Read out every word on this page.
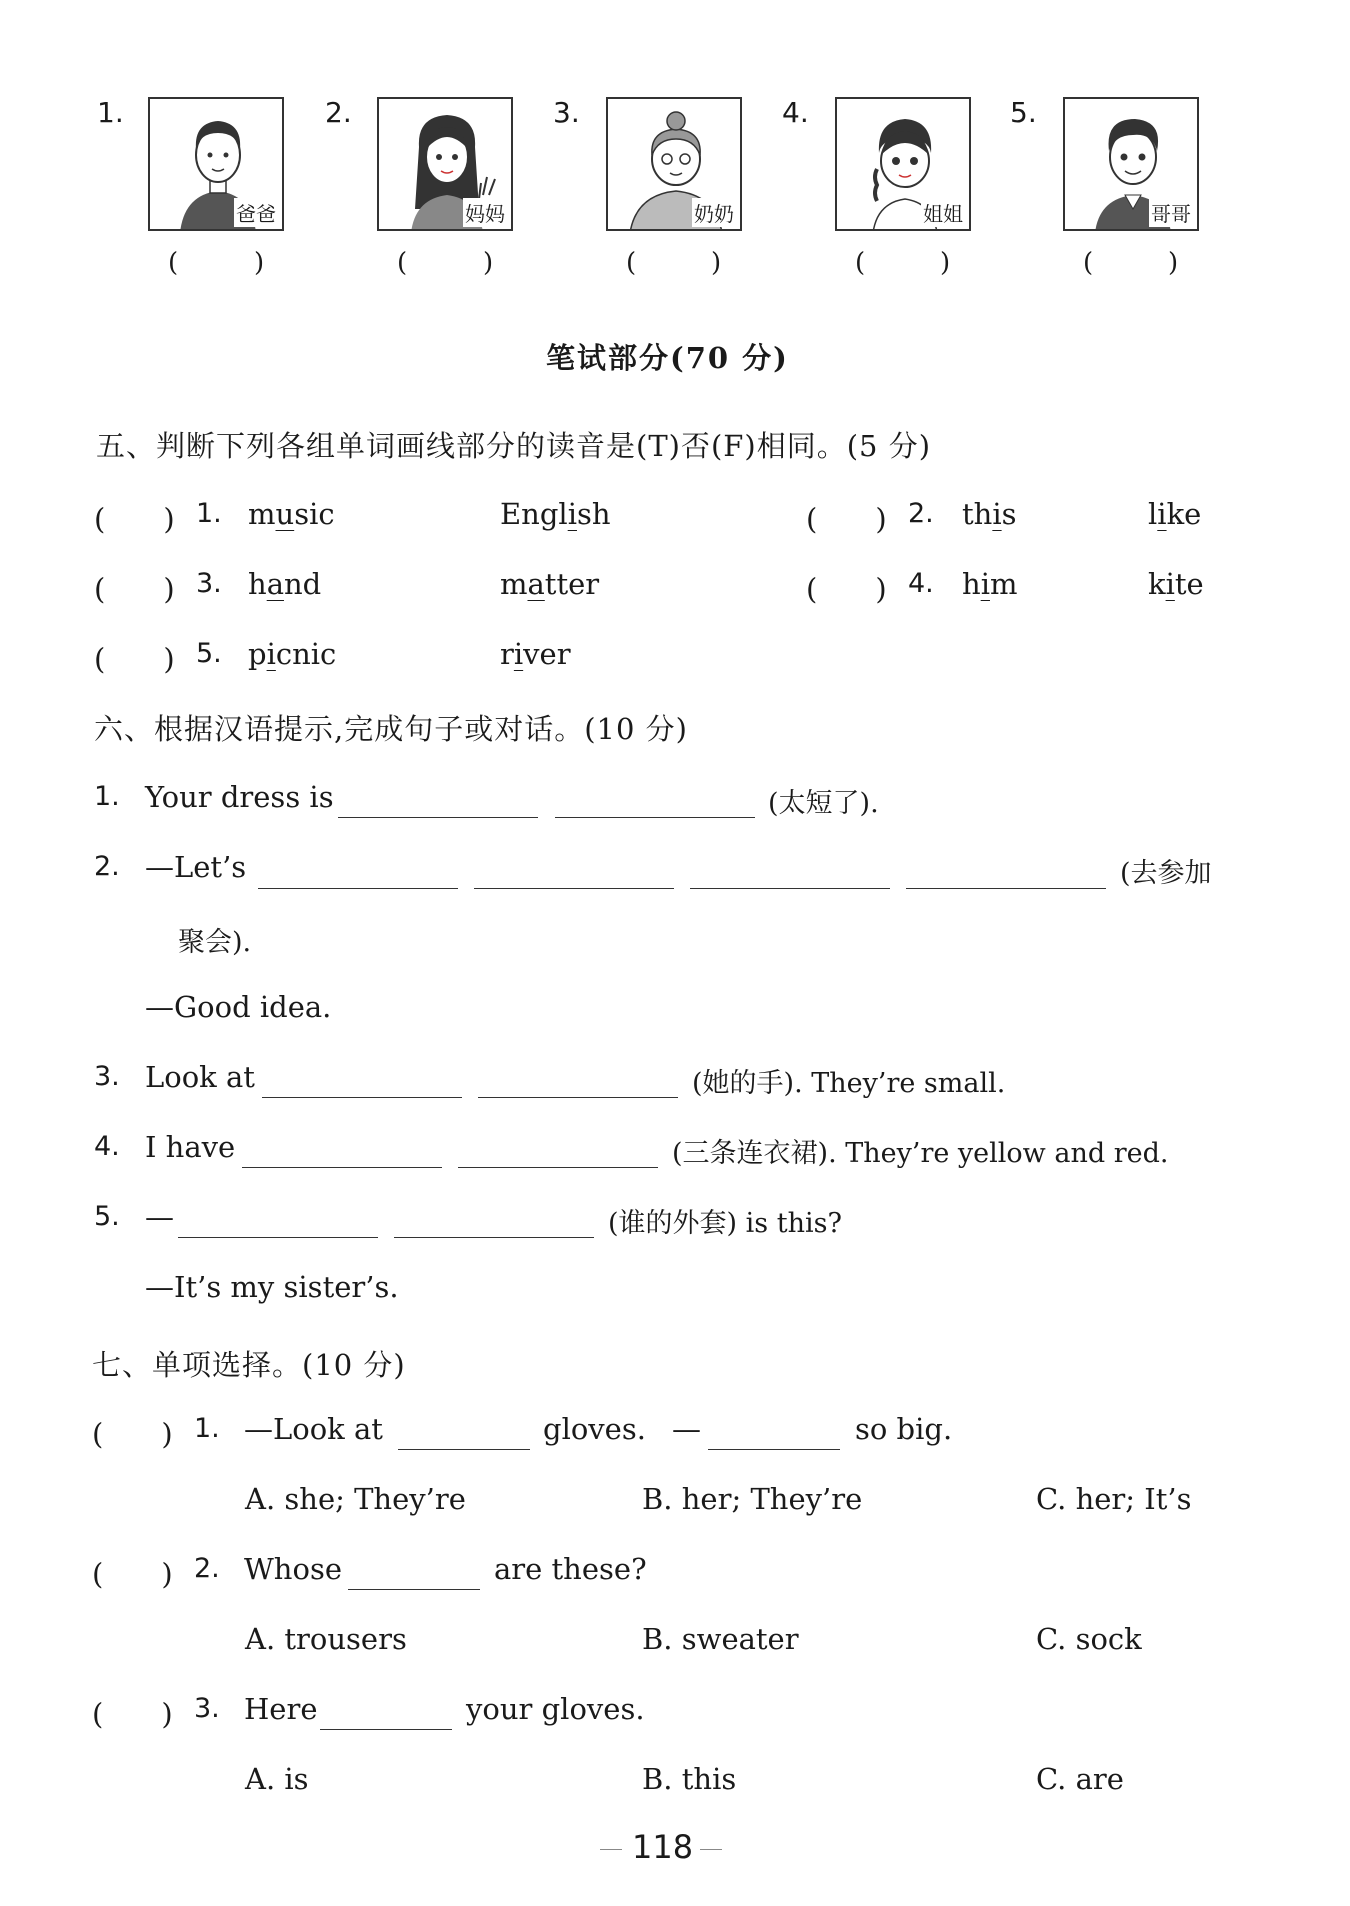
1.
爸爸
(	)
2.
妈妈
(	)
3.
奶奶
(	)
4.
姐姐
(	)
5.
哥哥
(	)
笔试部分(70 分)
五、判断下列各组单词画线部分的读音是(T)否(F)相同。(5 分)
(　　) 1. music	English	(　　) 2. this	like
(　　) 3. hand	matter	(　　) 4. him	kite
(　　) 5. picnic	river
六、根据汉语提示,完成句子或对话。(10 分)
1. Your dress is	(太短了).
2. —Let’s	(去参加
聚会).
—Good idea.
3. Look at	(她的手). They’re small.
4. I have	(三条连衣裙). They’re yellow and red.
5. —	(谁的外套) is this?
—It’s my sister’s.
七、单项选择。(10 分)
(　　) 1. —Look at	gloves. —	so big.
A. she; They’re	B. her; They’re	C. her; It’s
(　　) 2. Whose	are these?
A. trousers	B. sweater	C. sock
(　　) 3. Here	your gloves.
A. is	B. this	C. are
118
